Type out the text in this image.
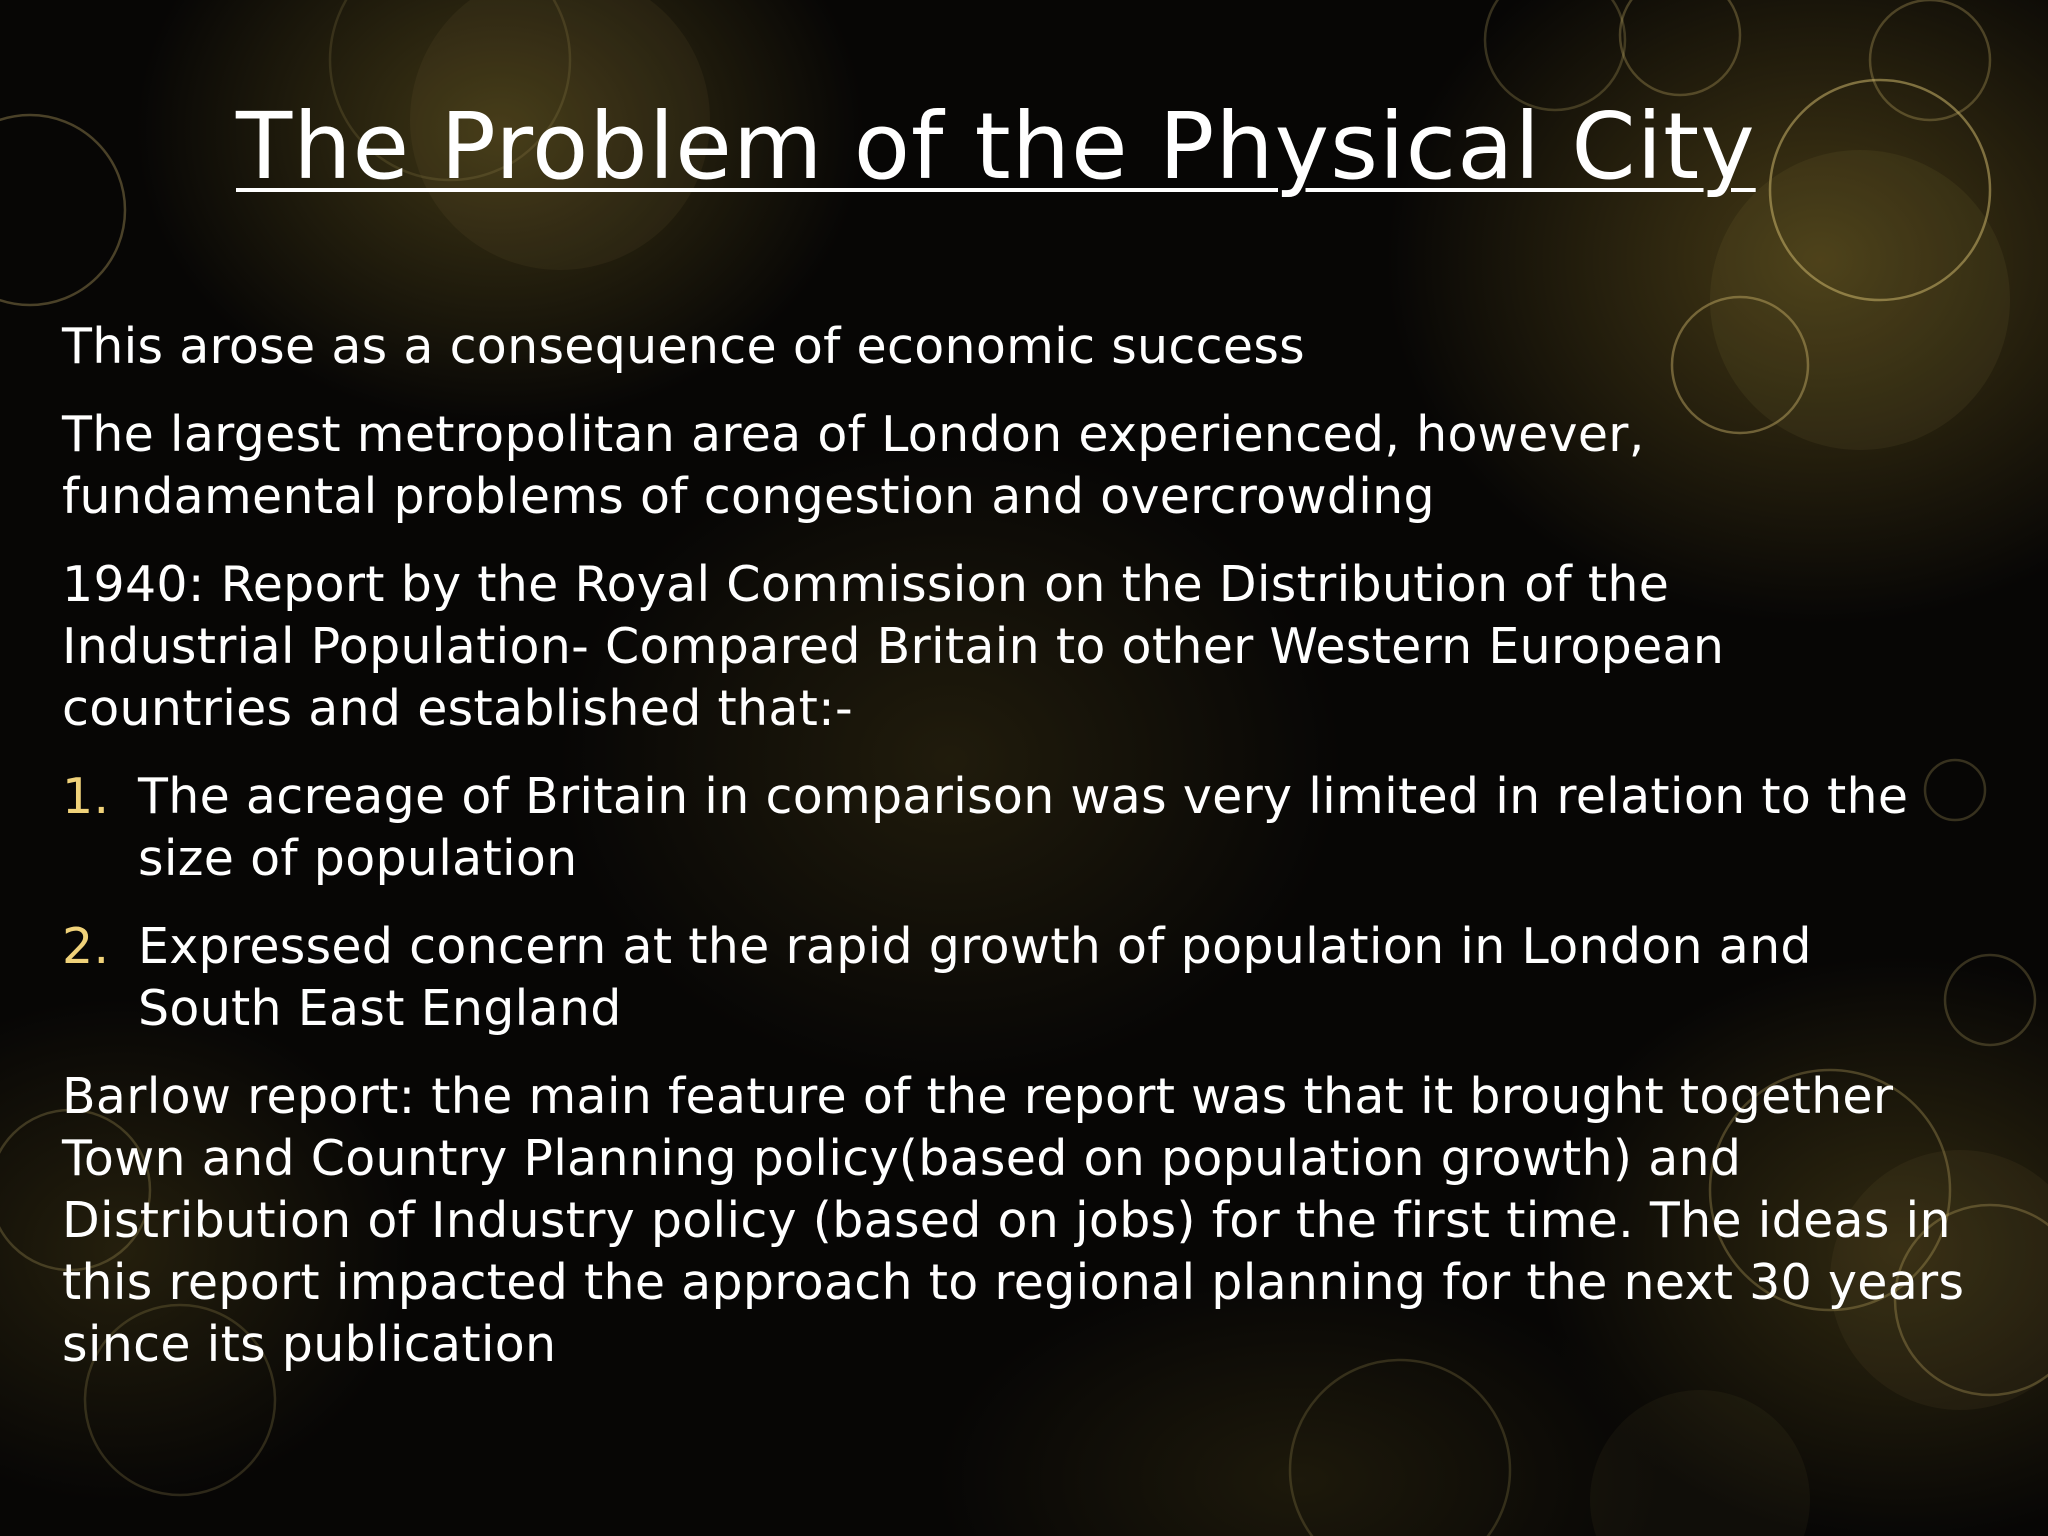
The Problem of the Physical City

This arose as a consequence of economic success

The largest metropolitan area of London experienced, however, fundamental problems of congestion and overcrowding

1940: Report by the Royal Commission on the Distribution of the Industrial Population- Compared Britain to other Western European countries and established that:-

1. The acreage of Britain in comparison was very limited in relation to the size of population
2. Expressed concern at the rapid growth of population in London and South East England

Barlow report: the main feature of the report was that it brought together Town and Country Planning policy(based on population growth) and Distribution of Industry policy (based on jobs) for the first time. The ideas in this report impacted the approach to regional planning for the next 30 years since its publication
